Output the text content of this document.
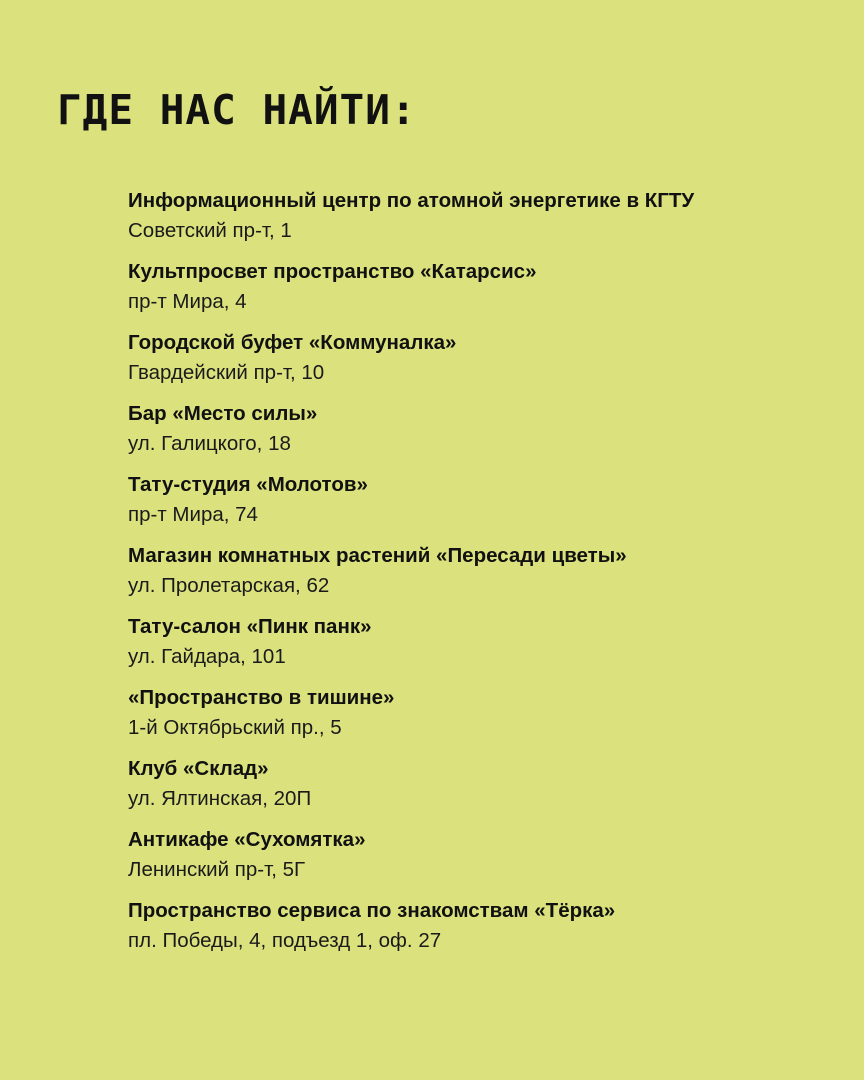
ГДЕ НАС НАЙТИ:
Информационный центр по атомной энергетике в КГТУ
Советский пр-т, 1
Культпросвет пространство «Катарсис»
пр-т Мира, 4
Городской буфет «Коммуналка»
Гвардейский пр-т, 10
Бар «Место силы»
ул. Галицкого, 18
Тату-студия «Молотов»
пр-т Мира, 74
Магазин комнатных растений «Пересади цветы»
ул. Пролетарская, 62
Тату-салон «Пинк панк»
ул. Гайдара, 101
«Пространство в тишине»
1-й Октябрьский пр., 5
Клуб «Склад»
ул. Ялтинская, 20П
Антикафе «Сухомятка»
Ленинский пр-т, 5Г
Пространство сервиса по знакомствам «Тёрка»
пл. Победы, 4, подъезд 1, оф. 27
